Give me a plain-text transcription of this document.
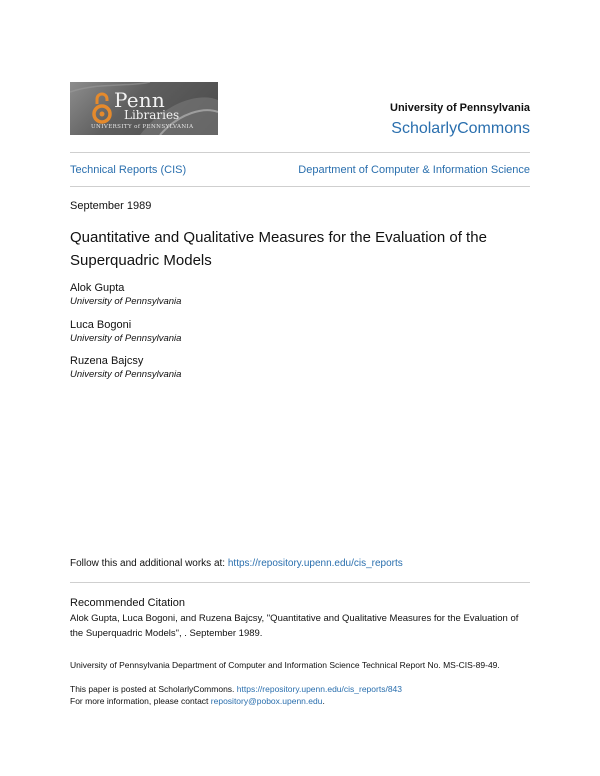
Penn
Libraries
UNIVERSITY of PENNSYLVANIA
University of Pennsylvania
ScholarlyCommons
Technical Reports (CIS)	Department of Computer & Information Science
September 1989
Quantitative and Qualitative Measures for the Evaluation of the Superquadric Models
Alok Gupta
University of Pennsylvania
Luca Bogoni
University of Pennsylvania
Ruzena Bajcsy
University of Pennsylvania
Follow this and additional works at: https://repository.upenn.edu/cis_reports
Recommended Citation
Alok Gupta, Luca Bogoni, and Ruzena Bajcsy, "Quantitative and Qualitative Measures for the Evaluation of the Superquadric Models", . September 1989.
University of Pennsylvania Department of Computer and Information Science Technical Report No. MS-CIS-89-49.
This paper is posted at ScholarlyCommons. https://repository.upenn.edu/cis_reports/843
For more information, please contact repository@pobox.upenn.edu.
